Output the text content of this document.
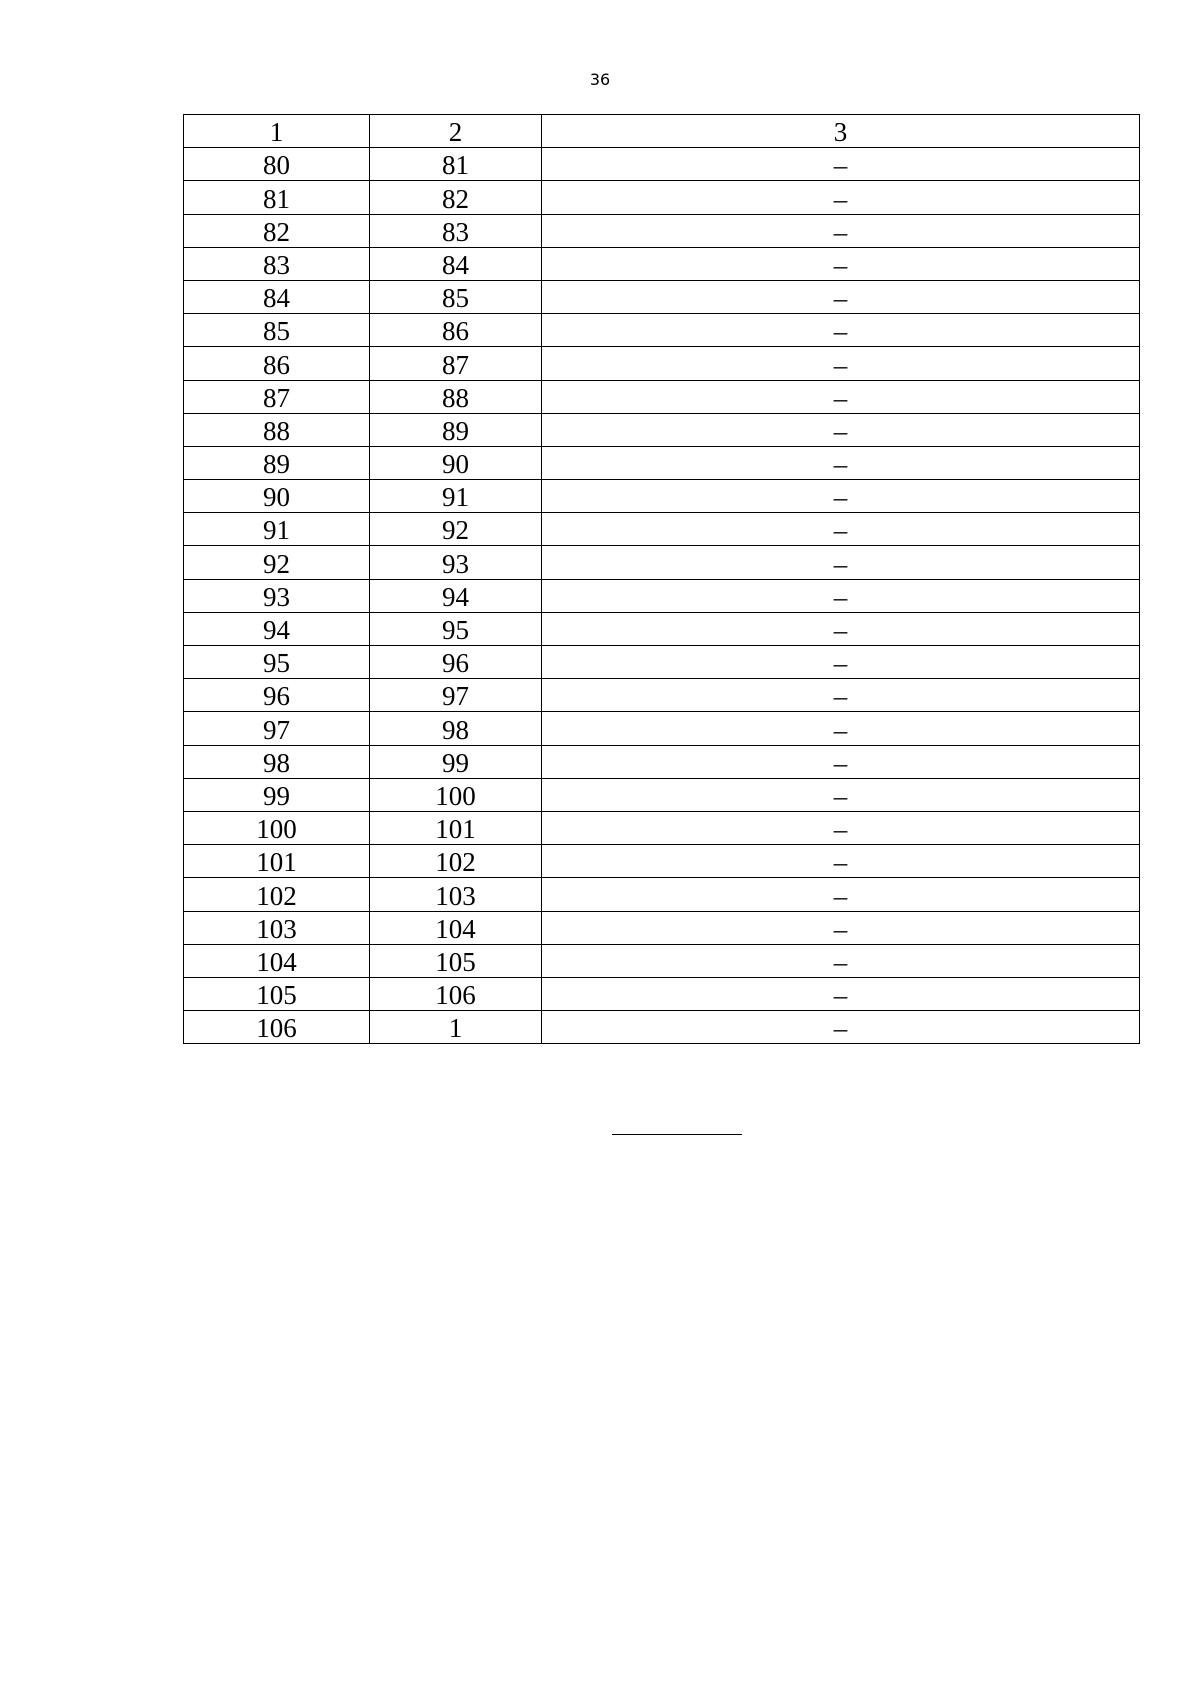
36
1	2	3
80	81	–
81	82	–
82	83	–
83	84	–
84	85	–
85	86	–
86	87	–
87	88	–
88	89	–
89	90	–
90	91	–
91	92	–
92	93	–
93	94	–
94	95	–
95	96	–
96	97	–
97	98	–
98	99	–
99	100	–
100	101	–
101	102	–
102	103	–
103	104	–
104	105	–
105	106	–
106	1	–
